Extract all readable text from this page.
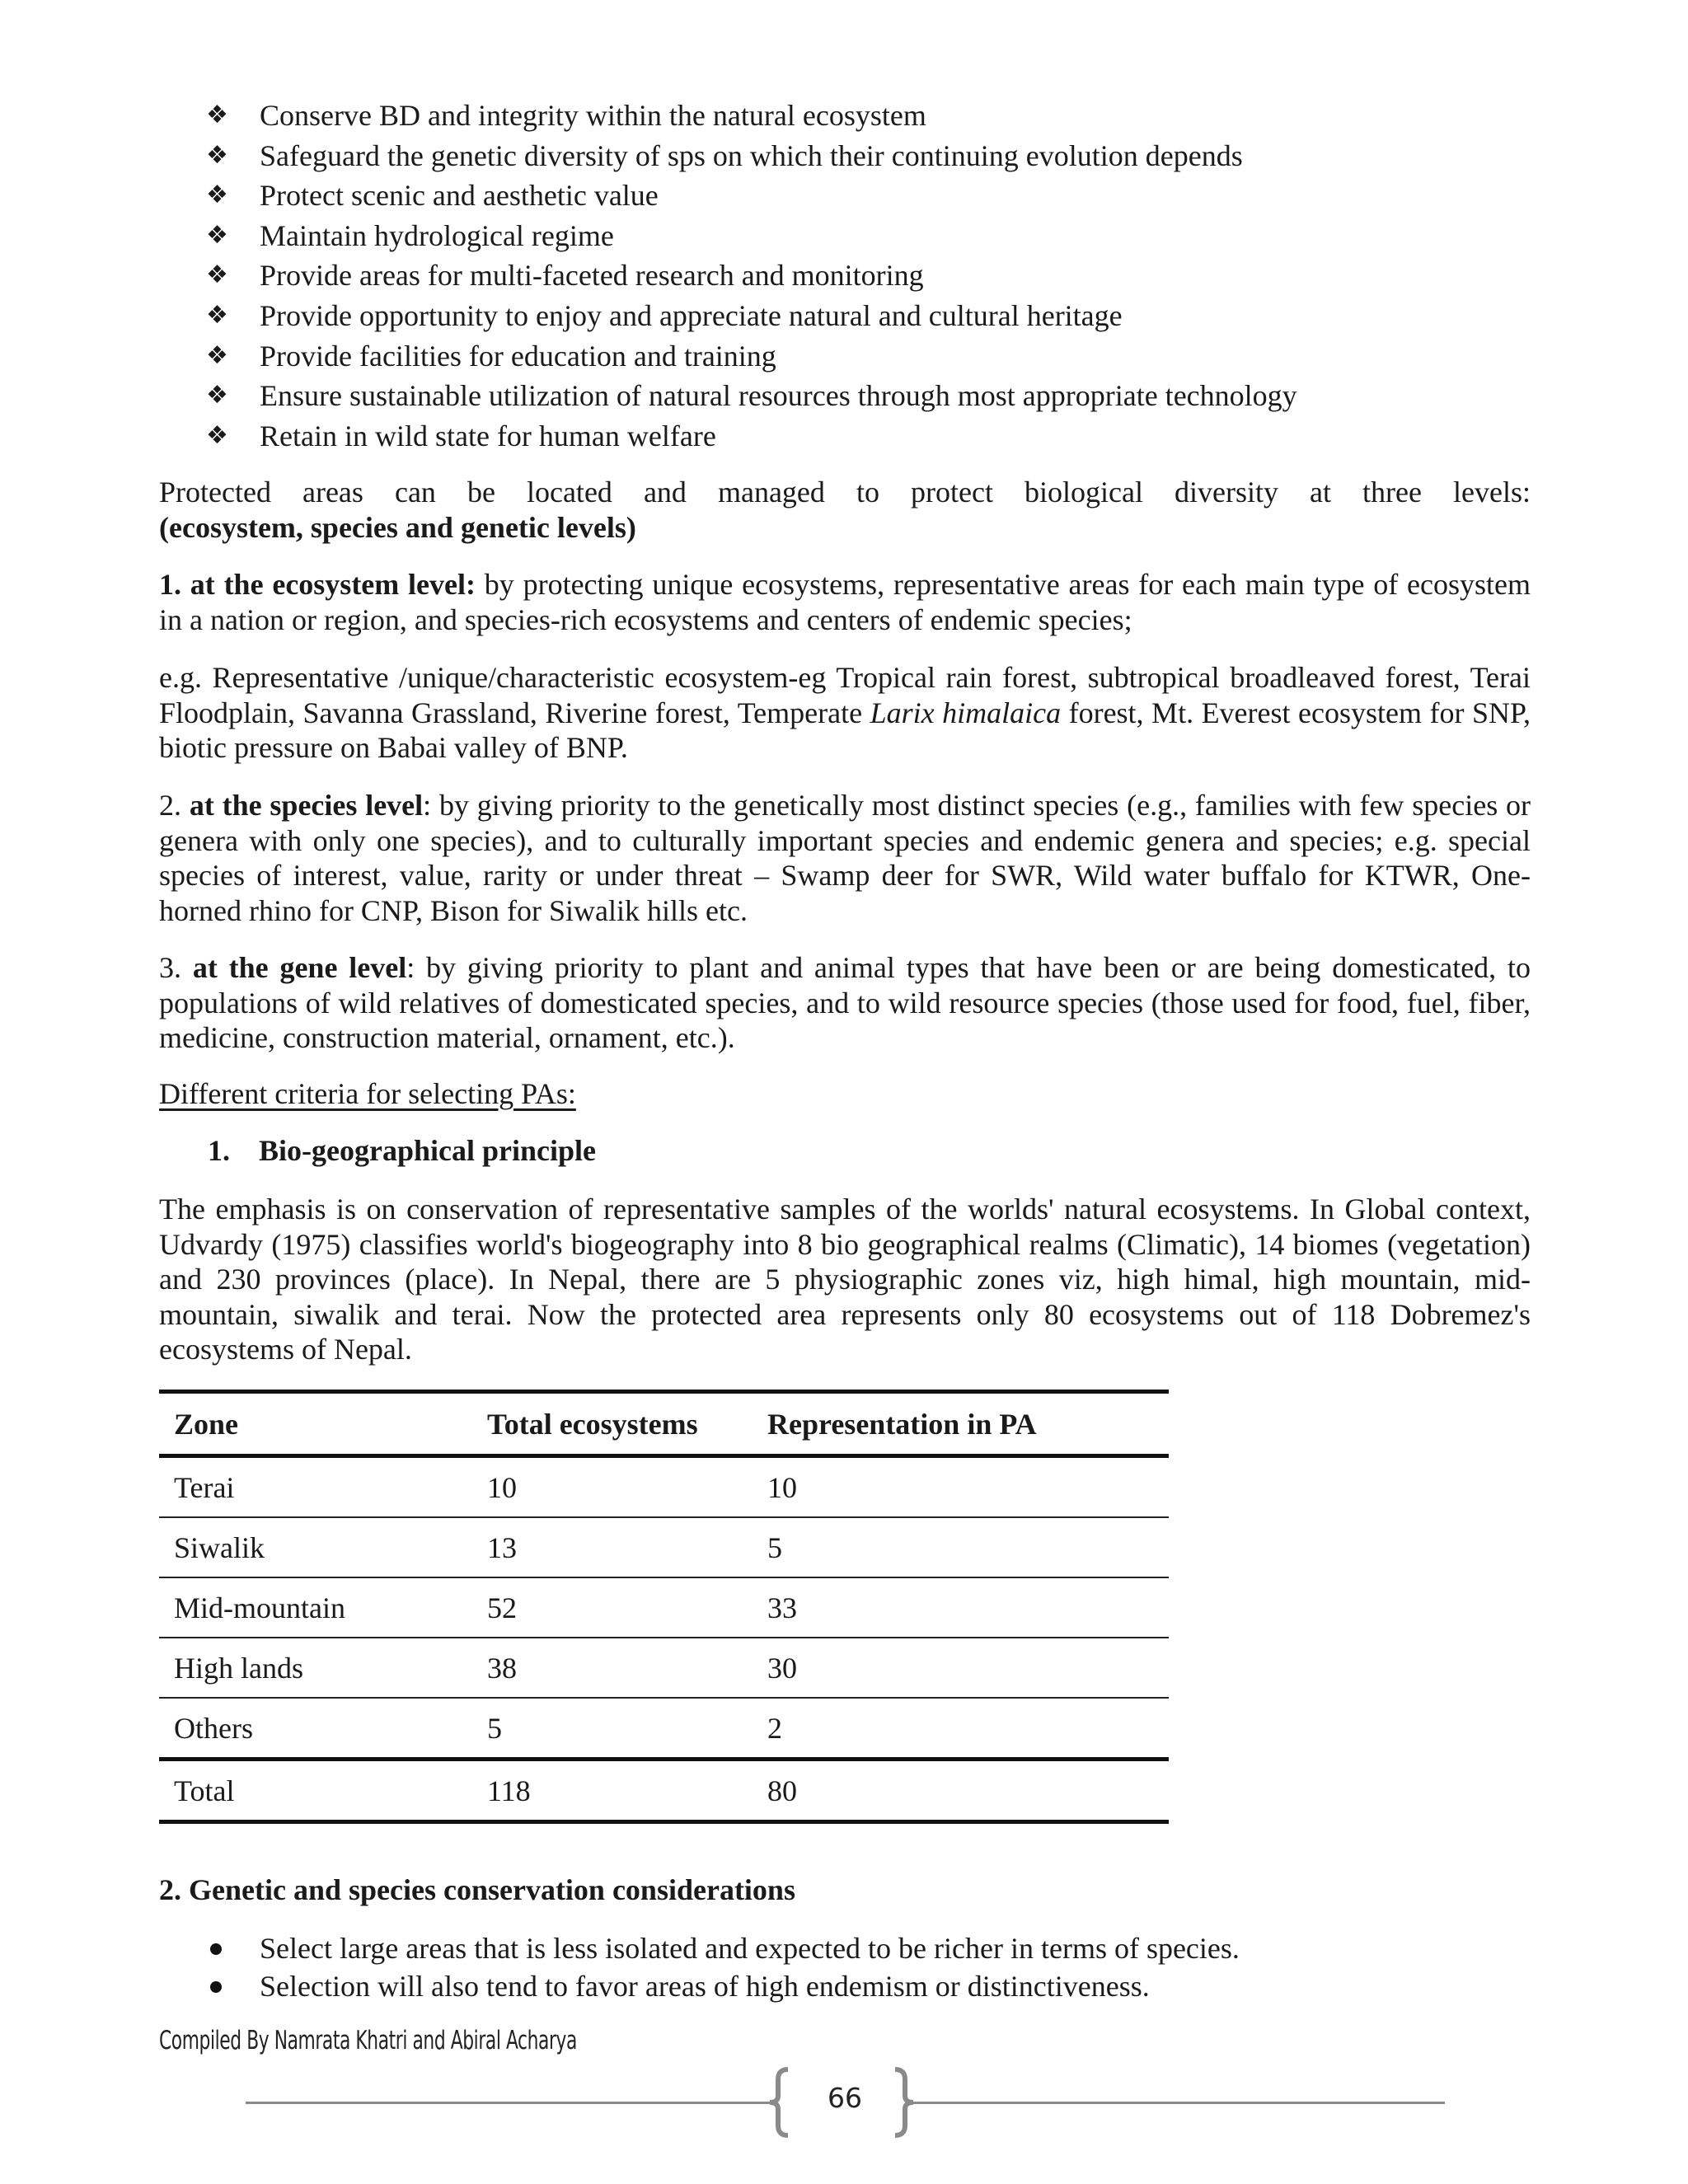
❖ Conserve BD and integrity within the natural ecosystem
❖ Safeguard the genetic diversity of sps on which their continuing evolution depends
❖ Protect scenic and aesthetic value
❖ Maintain hydrological regime
❖ Provide areas for multi-faceted research and monitoring
❖ Provide opportunity to enjoy and appreciate natural and cultural heritage
❖ Provide facilities for education and training
❖ Ensure sustainable utilization of natural resources through most appropriate technology
❖ Retain in wild state for human welfare

Protected areas can be located and managed to protect biological diversity at three levels:
(ecosystem, species and genetic levels)

1. at the ecosystem level: by protecting unique ecosystems, representative areas for each main type of ecosystem in a nation or region, and species-rich ecosystems and centers of endemic species;

e.g. Representative /unique/characteristic ecosystem-eg Tropical rain forest, subtropical broadleaved forest, Terai Floodplain, Savanna Grassland, Riverine forest, Temperate Larix himalaica forest, Mt. Everest ecosystem for SNP, biotic pressure on Babai valley of BNP.

2. at the species level: by giving priority to the genetically most distinct species (e.g., families with few species or genera with only one species), and to culturally important species and endemic genera and species; e.g. special species of interest, value, rarity or under threat – Swamp deer for SWR, Wild water buffalo for KTWR, One-horned rhino for CNP, Bison for Siwalik hills etc.

3. at the gene level: by giving priority to plant and animal types that have been or are being domesticated, to populations of wild relatives of domesticated species, and to wild resource species (those used for food, fuel, fiber, medicine, construction material, ornament, etc.).

Different criteria for selecting PAs:

1. Bio-geographical principle

The emphasis is on conservation of representative samples of the worlds' natural ecosystems. In Global context, Udvardy (1975) classifies world's biogeography into 8 bio geographical realms (Climatic), 14 biomes (vegetation) and 230 provinces (place). In Nepal, there are 5 physiographic zones viz, high himal, high mountain, mid-mountain, siwalik and terai. Now the protected area represents only 80 ecosystems out of 118 Dobremez's ecosystems of Nepal.

Zone	Total ecosystems	Representation in PA
Terai	10	10
Siwalik	13	5
Mid-mountain	52	33
High lands	38	30
Others	5	2
Total	118	80

2. Genetic and species conservation considerations

Select large areas that is less isolated and expected to be richer in terms of species.
Selection will also tend to favor areas of high endemism or distinctiveness.
Compiled By Namrata Khatri and Abiral Acharya
66
